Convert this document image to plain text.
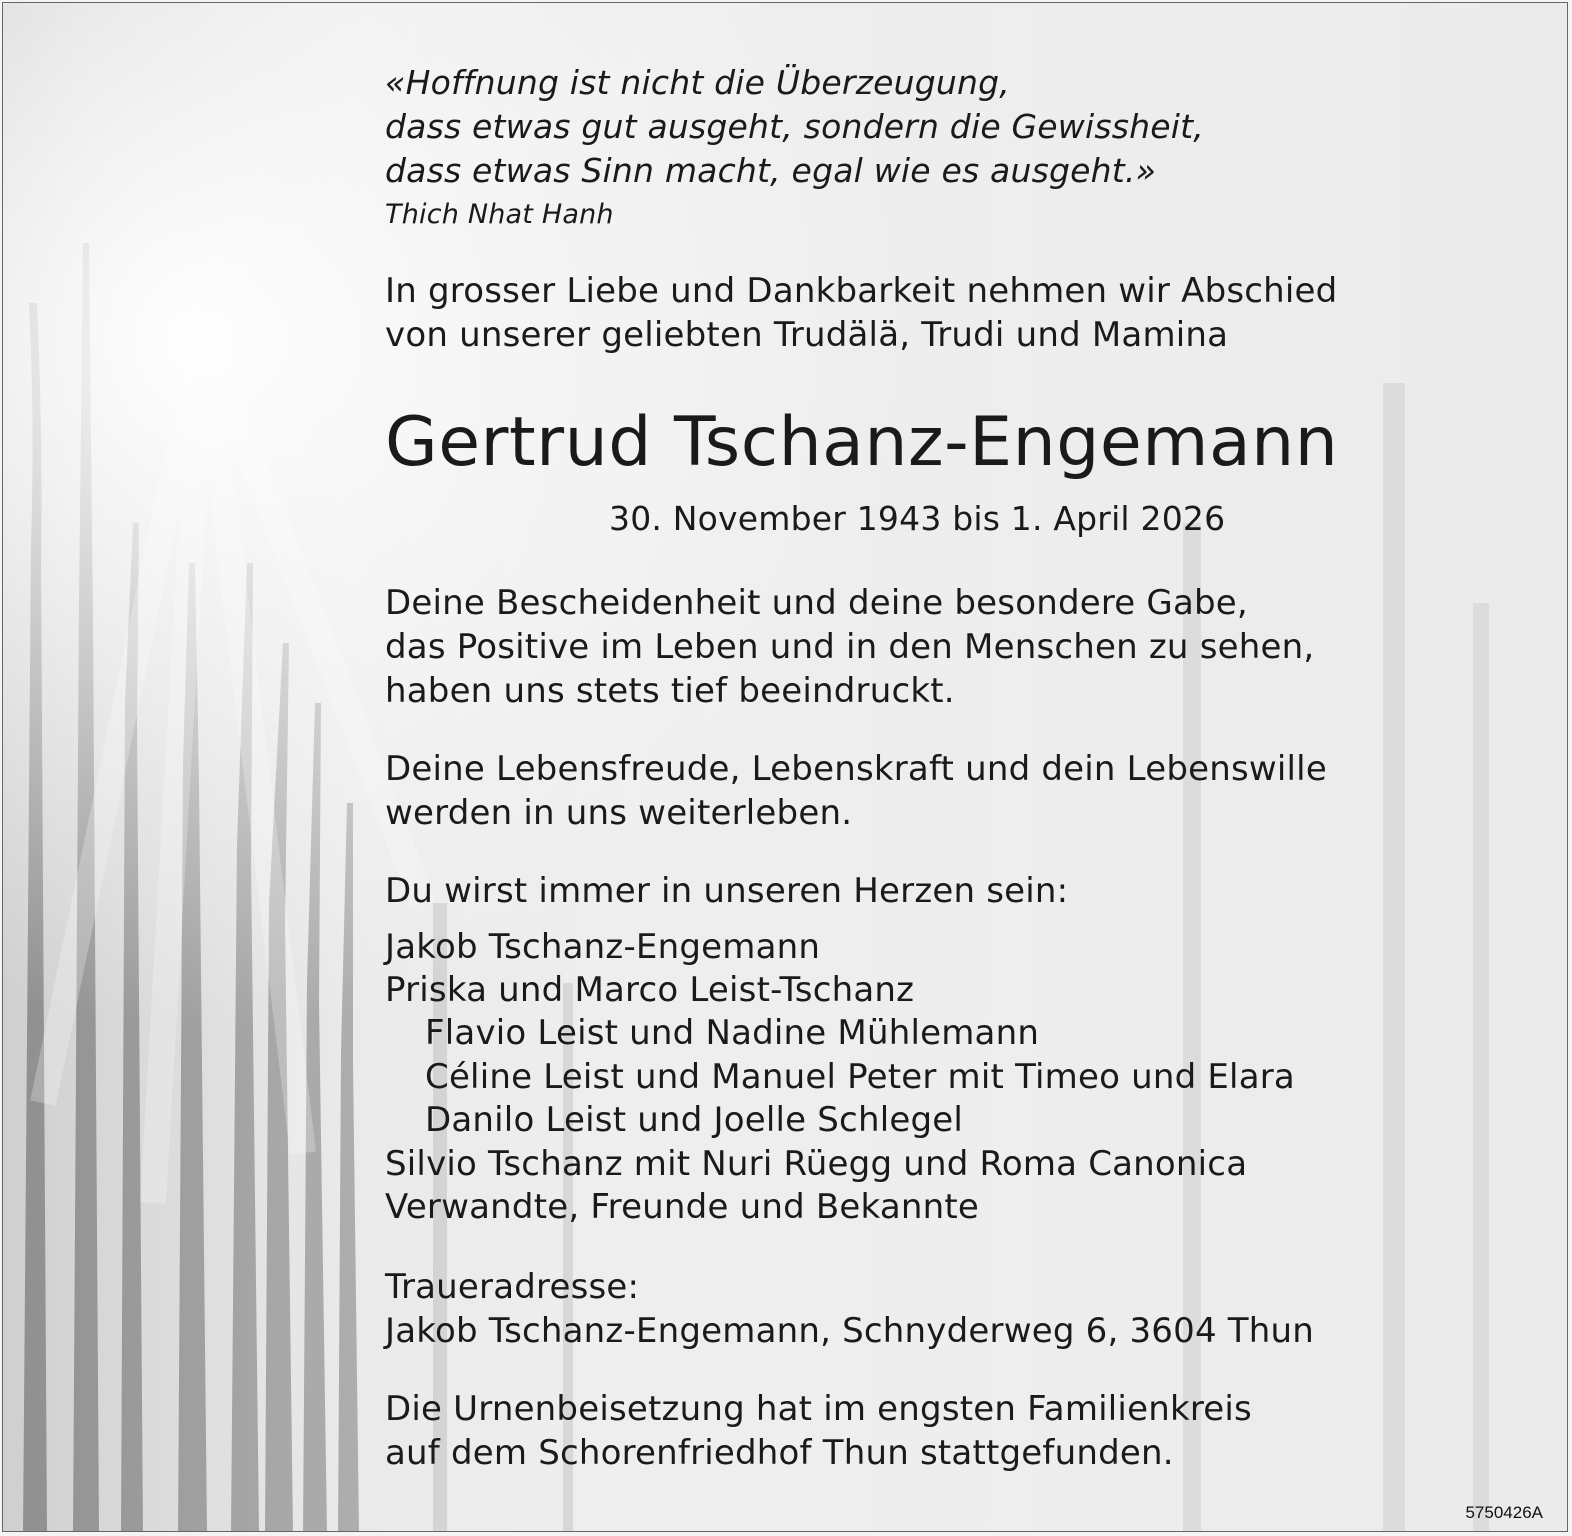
«Hoffnung ist nicht die Überzeugung,
dass etwas gut ausgeht, sondern die Gewissheit,
dass etwas Sinn macht, egal wie es ausgeht.»
Thich Nhat Hanh
In grosser Liebe und Dankbarkeit nehmen wir Abschied
von unserer geliebten Trudälä, Trudi und Mamina
Gertrud Tschanz-Engemann
30. November 1943 bis 1. April 2026
Deine Bescheidenheit und deine besondere Gabe,
das Positive im Leben und in den Menschen zu sehen,
haben uns stets tief beeindruckt.
Deine Lebensfreude, Lebenskraft und dein Lebenswille
werden in uns weiterleben.
Du wirst immer in unseren Herzen sein:
Jakob Tschanz-Engemann
Priska und Marco Leist-Tschanz
Flavio Leist und Nadine Mühlemann
Céline Leist und Manuel Peter mit Timeo und Elara
Danilo Leist und Joelle Schlegel
Silvio Tschanz mit Nuri Rüegg und Roma Canonica
Verwandte, Freunde und Bekannte
Traueradresse:
Jakob Tschanz-Engemann, Schnyderweg 6, 3604 Thun
Die Urnenbeisetzung hat im engsten Familienkreis
auf dem Schorenfriedhof Thun stattgefunden.
5750426A
